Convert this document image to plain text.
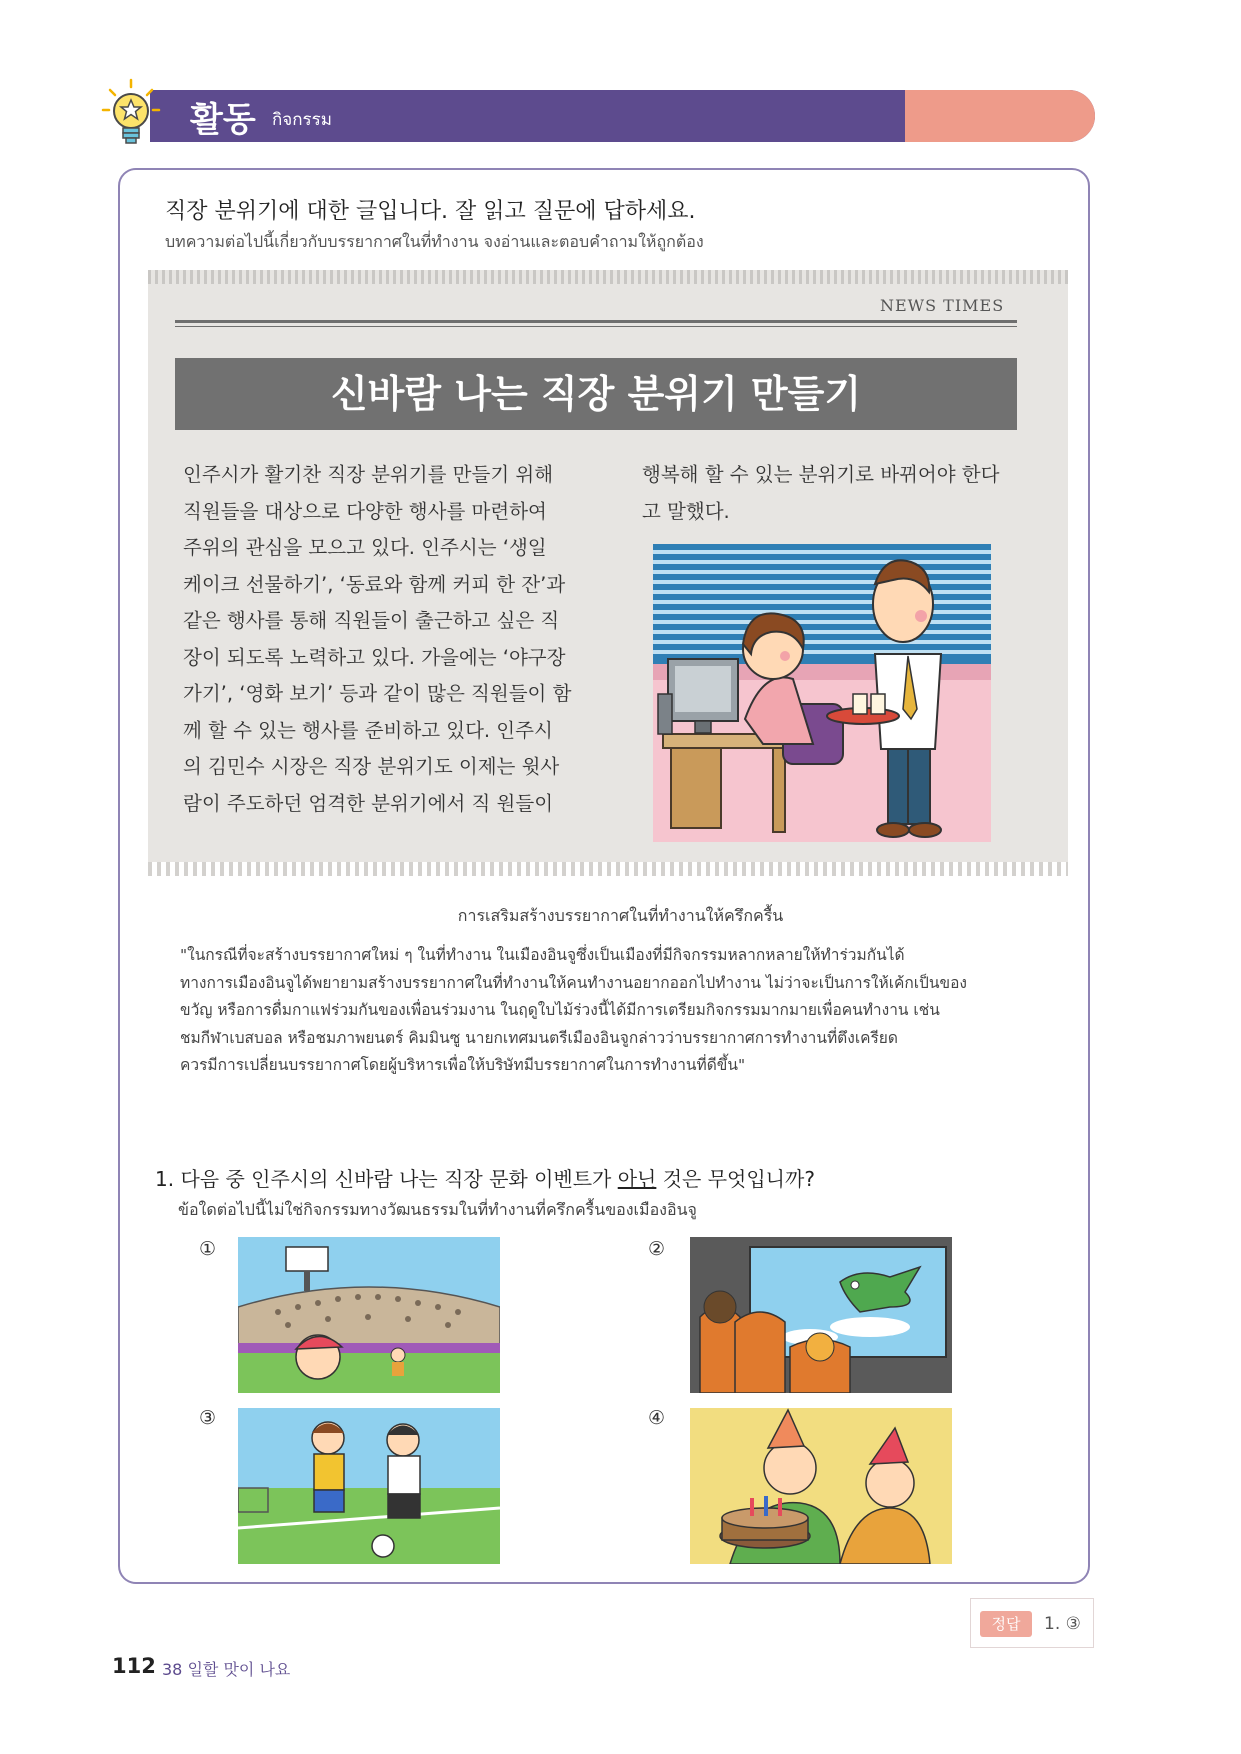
활동 กิจกรรม
직장 분위기에 대한 글입니다. 잘 읽고 질문에 답하세요.
บทความต่อไปนี้เกี่ยวกับบรรยากาศในที่ทำงาน จงอ่านและตอบคำถามให้ถูกต้อง
NEWS TIMES
신바람 나는 직장 분위기 만들기
인주시가 활기찬 직장 분위기를 만들기 위해
직원들을 대상으로 다양한 행사를 마련하여
주위의 관심을 모으고 있다. 인주시는 ‘생일
케이크 선물하기’, ‘동료와 함께 커피 한 잔’과
같은 행사를 통해 직원들이 출근하고 싶은 직
장이 되도록 노력하고 있다. 가을에는 ‘야구장
가기’, ‘영화 보기’ 등과 같이 많은 직원들이 함
께 할 수 있는 행사를 준비하고 있다. 인주시
의 김민수 시장은 직장 분위기도 이제는 윗사
람이 주도하던 엄격한 분위기에서 직 원들이
행복해 할 수 있는 분위기로 바뀌어야 한다
고 말했다.
การเสริมสร้างบรรยากาศในที่ทำงานให้ครึกครื้น
"ในกรณีที่จะสร้างบรรยากาศใหม่ ๆ ในที่ทำงาน ในเมืองอินจูซึ่งเป็นเมืองที่มีกิจกรรมหลากหลายให้ทำร่วมกันได้
ทางการเมืองอินจูได้พยายามสร้างบรรยากาศในที่ทำงานให้คนทำงานอยากออกไปทำงาน ไม่ว่าจะเป็นการให้เค้กเป็นของ
ขวัญ หรือการดื่มกาแฟร่วมกันของเพื่อนร่วมงาน ในฤดูใบไม้ร่วงนี้ได้มีการเตรียมกิจกรรมมากมายเพื่อคนทำงาน เช่น
ชมกีฬาเบสบอล หรือชมภาพยนตร์ คิมมินซู นายกเทศมนตรีเมืองอินจูกล่าวว่าบรรยากาศการทำงานที่ตึงเครียด
ควรมีการเปลี่ยนบรรยากาศโดยผู้บริหารเพื่อให้บริษัทมีบรรยากาศในการทำงานที่ดีขึ้น"
1. 다음 중 인주시의 신바람 나는 직장 문화 이벤트가 아닌 것은 무엇입니까?
ข้อใดต่อไปนี้ไม่ใช่กิจกรรมทางวัฒนธรรมในที่ทำงานที่ครึกครื้นของเมืองอินจู
①	②
③	④
정답	1. ③
112 38 일할 맛이 나요
